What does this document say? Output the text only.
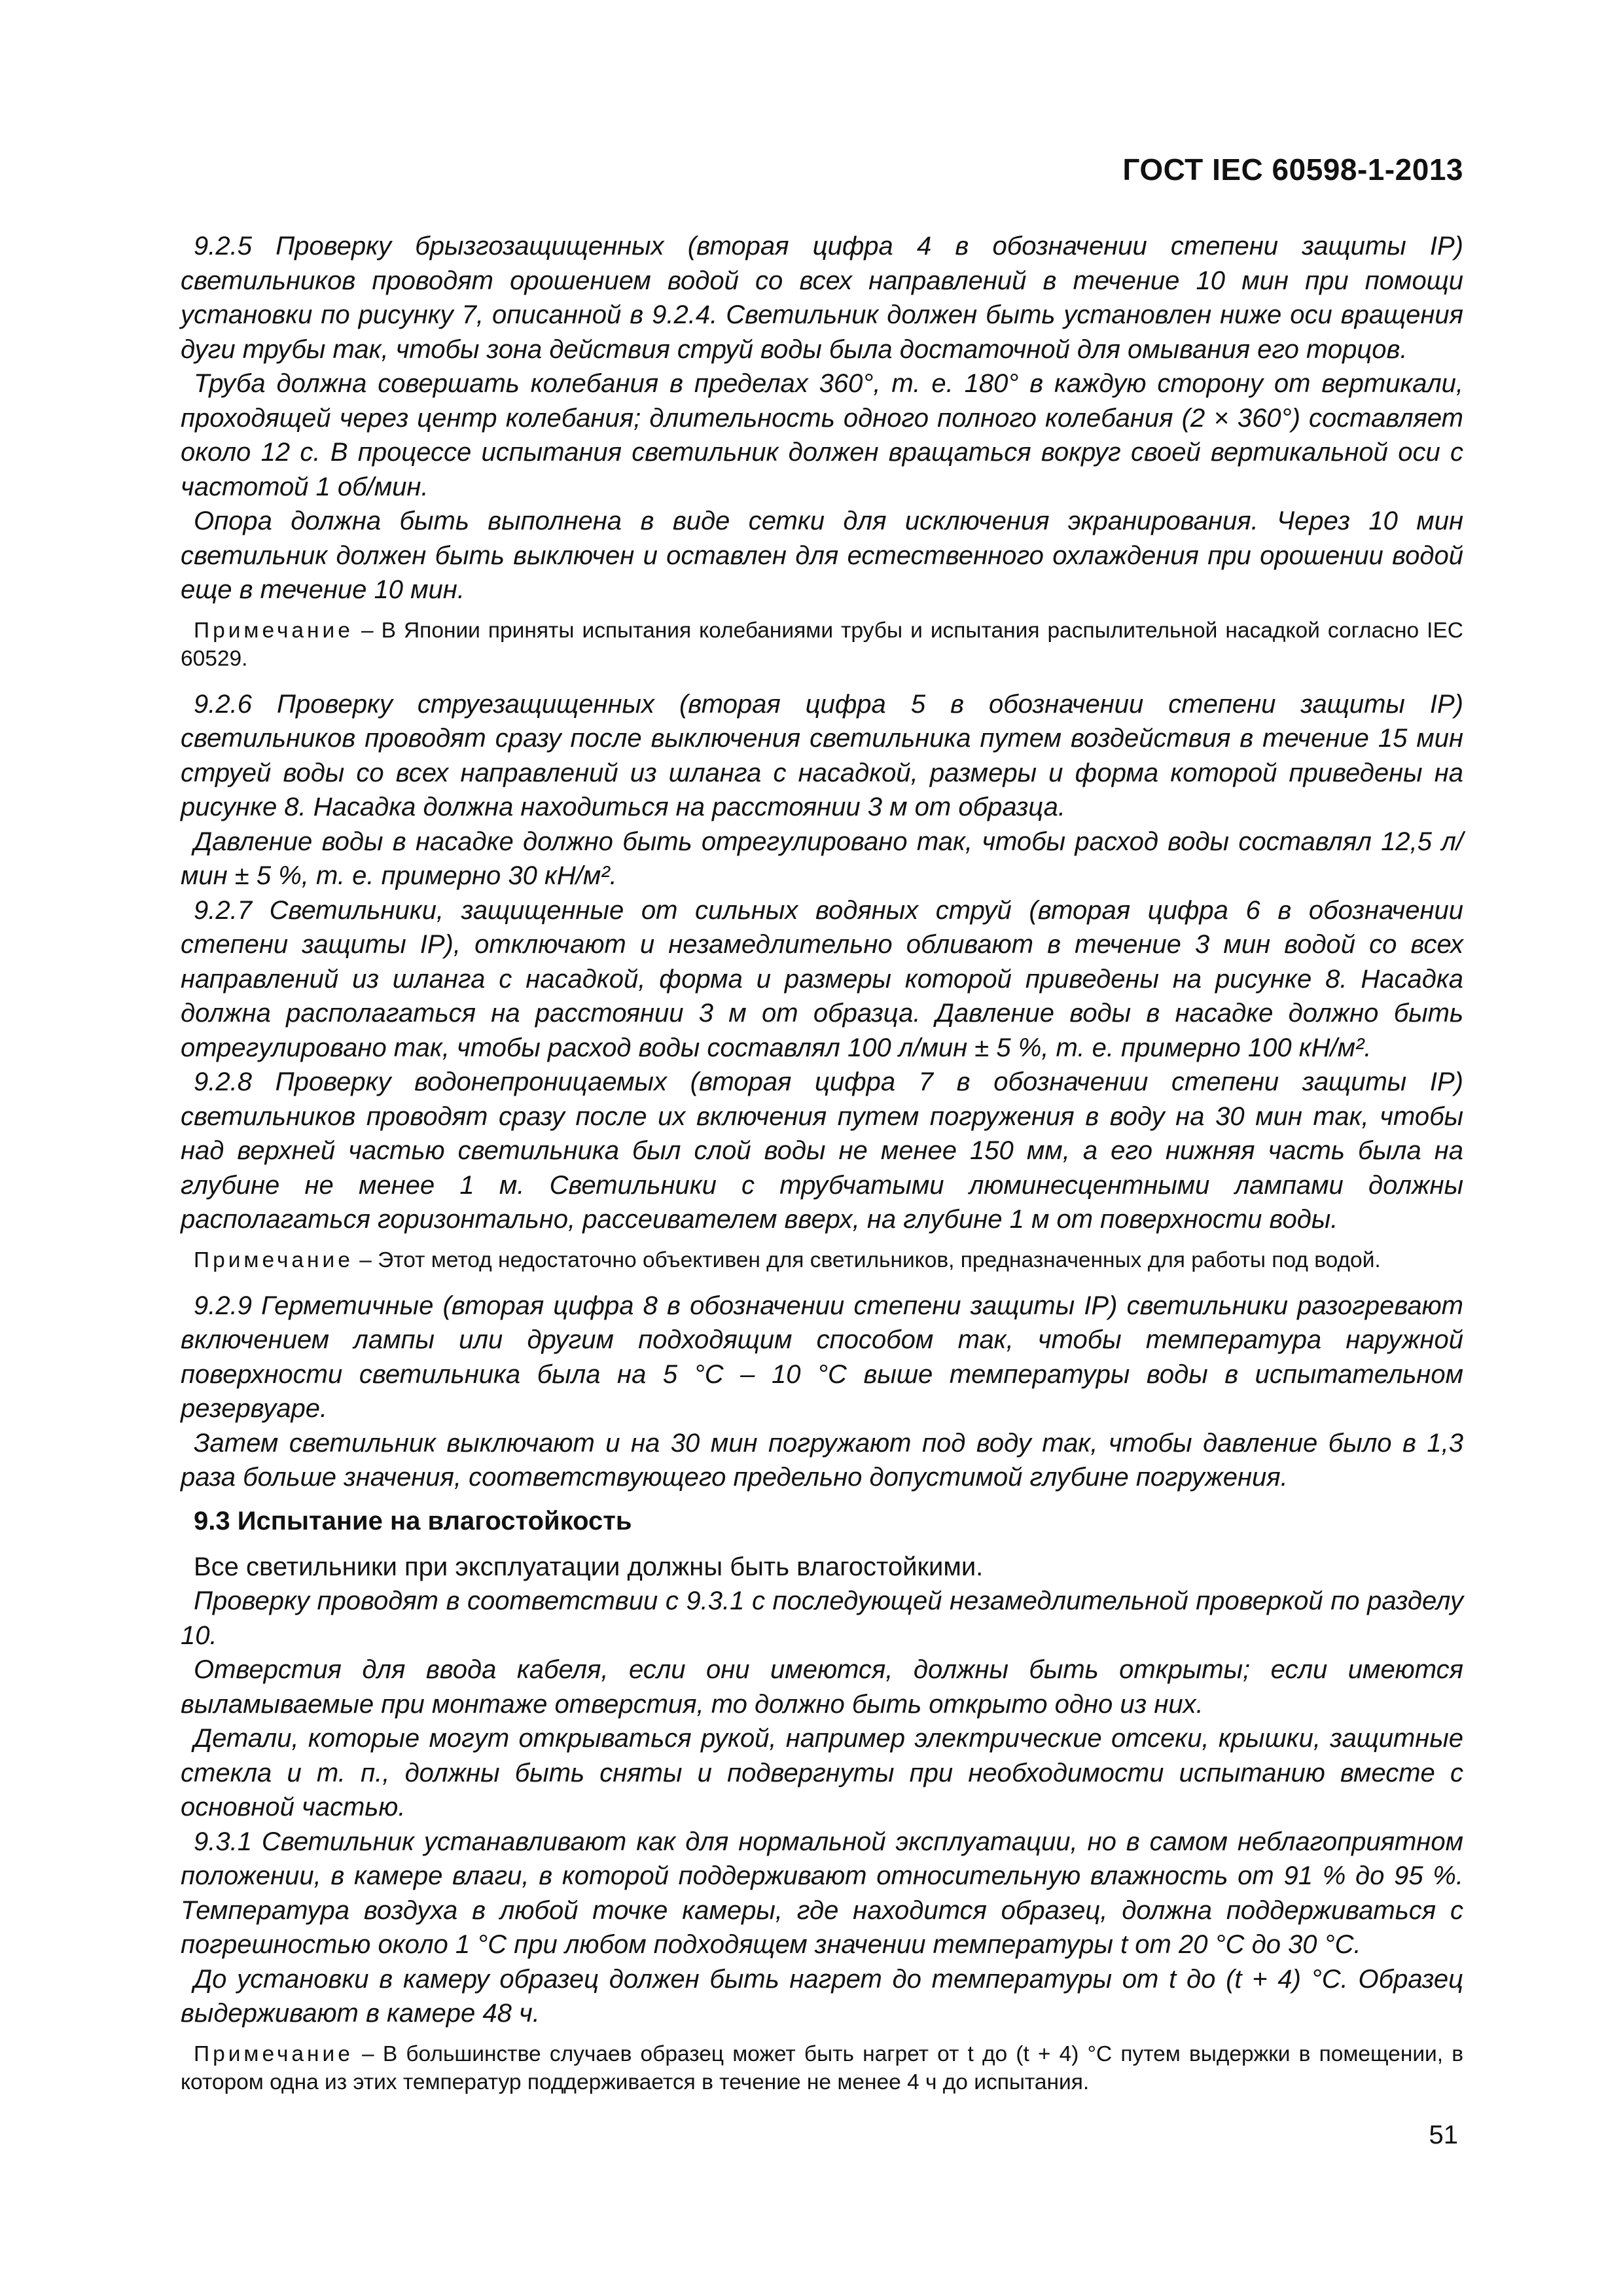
ГОСТ IEC 60598-1-2013

9.2.5 Проверку брызгозащищенных (вторая цифра 4 в обозначении степени защиты IP) светильников проводят орошением водой со всех направлений в течение 10 мин при помощи установки по рисунку 7, описанной в 9.2.4. Светильник должен быть установлен ниже оси вращения дуги трубы так, чтобы зона действия струй воды была достаточной для омывания его торцов.

Труба должна совершать колебания в пределах 360°, т. е. 180° в каждую сторону от вертикали, проходящей через центр колебания; длительность одного полного колебания (2 × 360°) составляет около 12 с. В процессе испытания светильник должен вращаться вокруг своей вертикальной оси с частотой 1 об/мин.

Опора должна быть выполнена в виде сетки для исключения экранирования. Через 10 мин светильник должен быть выключен и оставлен для естественного охлаждения при орошении водой еще в течение 10 мин.

Примечание – В Японии приняты испытания колебаниями трубы и испытания распылительной насадкой согласно IEC 60529.

9.2.6 Проверку струезащищенных (вторая цифра 5 в обозначении степени защиты IP) светильников проводят сразу после выключения светильника путем воздействия в течение 15 мин струей воды со всех направлений из шланга с насадкой, размеры и форма которой приведены на рисунке 8. Насадка должна находиться на расстоянии 3 м от образца.

Давление воды в насадке должно быть отрегулировано так, чтобы расход воды составлял 12,5 л/мин ± 5 %, т. е. примерно 30 кН/м².

9.2.7 Светильники, защищенные от сильных водяных струй (вторая цифра 6 в обозначении степени защиты IP), отключают и незамедлительно обливают в течение 3 мин водой со всех направлений из шланга с насадкой, форма и размеры которой приведены на рисунке 8. Насадка должна располагаться на расстоянии 3 м от образца. Давление воды в насадке должно быть отрегулировано так, чтобы расход воды составлял 100 л/мин ± 5 %, т. е. примерно 100 кН/м².

9.2.8 Проверку водонепроницаемых (вторая цифра 7 в обозначении степени защиты IP) светильников проводят сразу после их включения путем погружения в воду на 30 мин так, чтобы над верхней частью светильника был слой воды не менее 150 мм, а его нижняя часть была на глубине не менее 1 м. Светильники с трубчатыми люминесцентными лампами должны располагаться горизонтально, рассеивателем вверх, на глубине 1 м от поверхности воды.

Примечание – Этот метод недостаточно объективен для светильников, предназначенных для работы под водой.

9.2.9 Герметичные (вторая цифра 8 в обозначении степени защиты IP) светильники разогревают включением лампы или другим подходящим способом так, чтобы температура наружной поверхности светильника была на 5 °C – 10 °C выше температуры воды в испытательном резервуаре.

Затем светильник выключают и на 30 мин погружают под воду так, чтобы давление было в 1,3 раза больше значения, соответствующего предельно допустимой глубине погружения.

9.3 Испытание на влагостойкость

Все светильники при эксплуатации должны быть влагостойкими.

Проверку проводят в соответствии с 9.3.1 с последующей незамедлительной проверкой по разделу 10.

Отверстия для ввода кабеля, если они имеются, должны быть открыты; если имеются выламываемые при монтаже отверстия, то должно быть открыто одно из них.

Детали, которые могут открываться рукой, например электрические отсеки, крышки, защитные стекла и т. п., должны быть сняты и подвергнуты при необходимости испытанию вместе с основной частью.

9.3.1 Светильник устанавливают как для нормальной эксплуатации, но в самом неблагоприятном положении, в камере влаги, в которой поддерживают относительную влажность от 91 % до 95 %. Температура воздуха в любой точке камеры, где находится образец, должна поддерживаться с погрешностью около 1 °C при любом подходящем значении температуры t от 20 °C до 30 °C.

До установки в камеру образец должен быть нагрет до температуры от t до (t + 4) °C. Образец выдерживают в камере 48 ч.

Примечание – В большинстве случаев образец может быть нагрет от t до (t + 4) °C путем выдержки в помещении, в котором одна из этих температур поддерживается в течение не менее 4 ч до испытания.

51
